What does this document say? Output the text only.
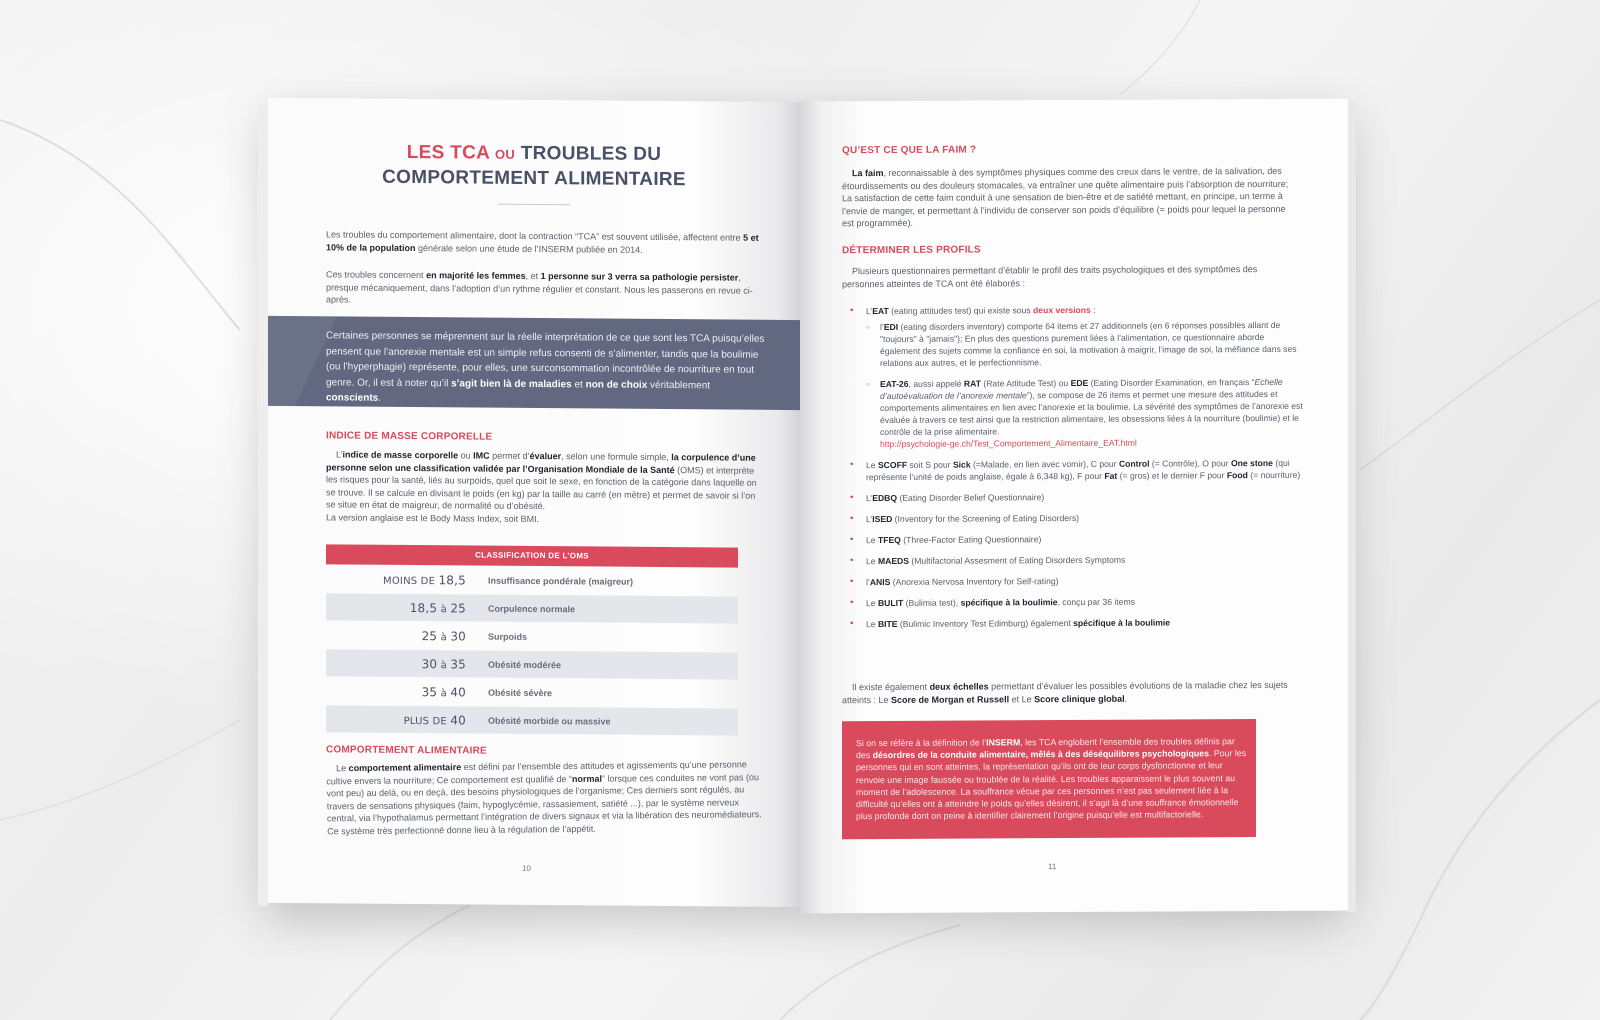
LES TCA OU TROUBLES DU
COMPORTEMENT ALIMENTAIRE

Les troubles du comportement alimentaire, dont la contraction “TCA” est souvent utilisée, affectent entre 5 et 10% de la population générale selon une étude de l’INSERM publiée en 2014.

Ces troubles concernent en majorité les femmes, et 1 personne sur 3 verra sa pathologie persister, presque mécaniquement, dans l’adoption d’un rythme régulier et constant. Nous les passerons en revue ci-après.

Certaines personnes se méprennent sur la réelle interprétation de ce que sont les TCA puisqu’elles pensent que l’anorexie mentale est un simple refus consenti de s’alimenter, tandis que la boulimie (ou l’hyperphagie) représente, pour elles, une surconsommation incontrôlée de nourriture en tout genre. Or, il est à noter qu’il s’agit bien là de maladies et non de choix véritablement conscients.

INDICE DE MASSE CORPORELLE

L’indice de masse corporelle ou IMC permet d’évaluer, selon une formule simple, la corpulence d’une personne selon une classification validée par l’Organisation Mondiale de la Santé (OMS) et interprète les risques pour la santé, liés au surpoids, quel que soit le sexe, en fonction de la catégorie dans laquelle on se trouve. Il se calcule en divisant le poids (en kg) par la taille au carré (en mètre) et permet de savoir si l’on se situe en état de maigreur, de normalité ou d’obésité.
La version anglaise est le Body Mass Index, soit BMI.

CLASSIFICATION DE L’OMS
MOINS DE 18,5	Insuffisance pondérale (maigreur)
18,5 à 25	Corpulence normale
25 à 30	Surpoids
30 à 35	Obésité modérée
35 à 40	Obésité sévère
PLUS DE 40	Obésité morbide ou massive
COMPORTEMENT ALIMENTAIRE

Le comportement alimentaire est défini par l’ensemble des attitudes et agissements qu’une personne cultive envers la nourriture; Ce comportement est qualifié de “normal” lorsque ces conduites ne vont pas (ou vont peu) au delà, ou en deçà, des besoins physiologiques de l’organisme; Ces derniers sont régulés, au travers de sensations physiques (faim, hypoglycémie, rassasiement, satiété ...), par le système nerveux central, via l’hypothalamus permettant l’intégration de divers signaux et via la libération des neuromédiateurs. Ce système très perfectionné donne lieu à la régulation de l’appétit.

10
QU’EST CE QUE LA FAIM ?

La faim, reconnaissable à des symptômes physiques comme des creux dans le ventre, de la salivation, des étourdissements ou des douleurs stomacales, va entraîner une quête alimentaire puis l’absorption de nourriture; La satisfaction de cette faim conduit à une sensation de bien-être et de satiété mettant, en principe, un terme à l’envie de manger, et permettant à l’individu de conserver son poids d’équilibre (= poids pour lequel la personne est programmée).

DÉTERMINER LES PROFILS

Plusieurs questionnaires permettant d’établir le profil des traits psychologiques et des symptômes des personnes atteintes de TCA ont été élaborés :

• L’EAT (eating attitudes test) qui existe sous deux versions :
◦ l’EDI (eating disorders inventory) comporte 64 items et 27 additionnels (en 6 réponses possibles allant de "toujours" à "jamais"); En plus des questions purement liées à l’alimentation, ce questionnaire aborde également des sujets comme la confiance en soi, la motivation à maigrir, l’image de soi, la méfiance dans ses relations aux autres, et le perfectionnisme.
◦ EAT-26, aussi appelé RAT (Rate Attitude Test) ou EDE (Eating Disorder Examination, en français “Echelle d’autoévaluation de l’anorexie mentale”), se compose de 26 items et permet une mesure des attitudes et comportements alimentaires en lien avec l’anorexie et la boulimie. La sévérité des symptômes de l’anorexie est évaluée à travers ce test ainsi que la restriction alimentaire, les obsessions liées à la nourriture (boulimie) et le contrôle de la prise alimentaire.
http://psychologie-ge.ch/Test_Comportement_Alimentaire_EAT.html
• Le SCOFF soit S pour Sick (=Malade, en lien avec vomir), C pour Control (= Contrôle), O pour One stone (qui représente l’unité de poids anglaise, égale à 6,348 kg), F pour Fat (= gros) et le dernier F pour Food (= nourriture)
• L’EDBQ (Eating Disorder Belief Questionnaire)
• L’ISED (Inventory for the Screening of Eating Disorders)
• Le TFEQ (Three-Factor Eating Questionnaire)
• Le MAEDS (Multifactorial Assesment of Eating Disorders Symptoms
• l’ANIS (Anorexia Nervosa Inventory for Self-rating)
• Le BULIT (Bulimia test), spécifique à la boulimie, conçu par 36 items
• Le BITE (Bulimic Inventory Test Edimburg) également spécifique à la boulimie

Il existe également deux échelles permettant d’évaluer les possibles évolutions de la maladie chez les sujets atteints : Le Score de Morgan et Russell et Le Score clinique global.

Si on se réfère à la définition de l’INSERM, les TCA englobent l’ensemble des troubles définis par des désordres de la conduite alimentaire, mêlés à des déséquilibres psychologiques. Pour les personnes qui en sont atteintes, la représentation qu’ils ont de leur corps dysfonctionne et leur renvoie une image faussée ou troublée de la réalité. Les troubles apparaissent le plus souvent au moment de l’adolescence. La souffrance vécue par ces personnes n’est pas seulement liée à la difficulté qu’elles ont à atteindre le poids qu’elles désirent, il s’agit là d’une souffrance émotionnelle plus profonde dont on peine à identifier clairement l’origine puisqu’elle est multifactorielle.

11
